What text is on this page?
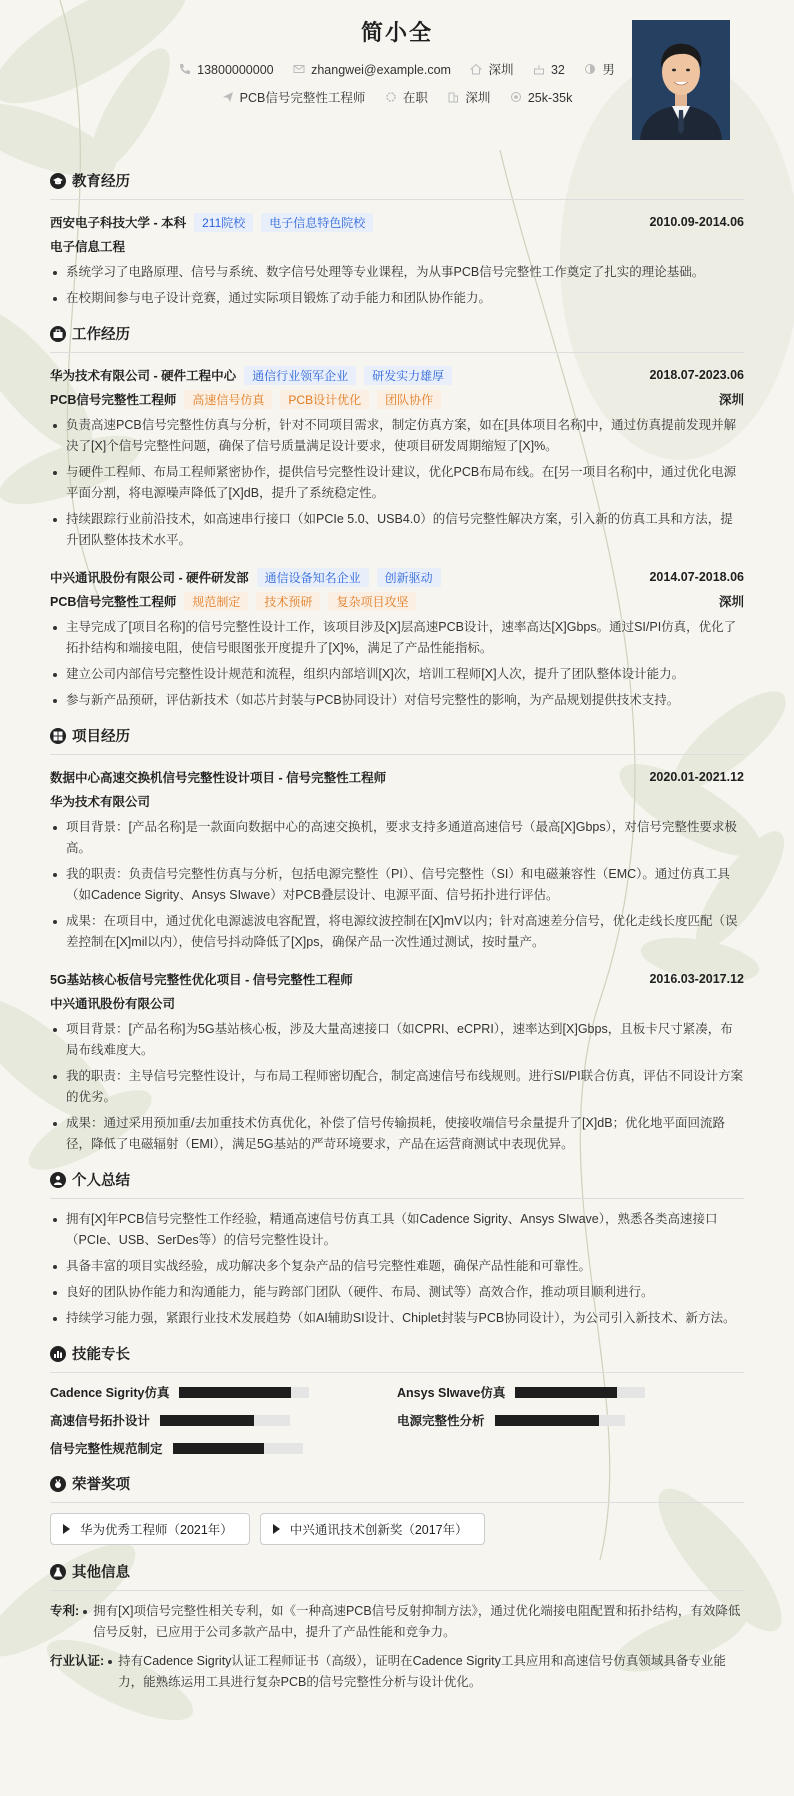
简小全
13800000000	zhangwei@example.com	深圳	32	男
PCB信号完整性工程师	在职	深圳	25k-35k
教育经历
西安电子科技大学 - 本科	211院校	电子信息特色院校	2010.09-2014.06
电子信息工程
系统学习了电路原理、信号与系统、数字信号处理等专业课程，为从事PCB信号完整性工作奠定了扎实的理论基础。
在校期间参与电子设计竞赛，通过实际项目锻炼了动手能力和团队协作能力。
工作经历
华为技术有限公司 - 硬件工程中心	通信行业领军企业	研发实力雄厚	2018.07-2023.06
PCB信号完整性工程师	高速信号仿真	PCB设计优化	团队协作	深圳
负责高速PCB信号完整性仿真与分析，针对不同项目需求，制定仿真方案，如在[具体项目名称]中，通过仿真提前发现并解决了[X]个信号完整性问题，确保了信号质量满足设计要求，使项目研发周期缩短了[X]%。
与硬件工程师、布局工程师紧密协作，提供信号完整性设计建议，优化PCB布局布线。在[另一项目名称]中，通过优化电源平面分割，将电源噪声降低了[X]dB，提升了系统稳定性。
持续跟踪行业前沿技术，如高速串行接口（如PCIe 5.0、USB4.0）的信号完整性解决方案，引入新的仿真工具和方法，提升团队整体技术水平。
中兴通讯股份有限公司 - 硬件研发部	通信设备知名企业	创新驱动	2014.07-2018.06
PCB信号完整性工程师	规范制定	技术预研	复杂项目攻坚	深圳
主导完成了[项目名称]的信号完整性设计工作，该项目涉及[X]层高速PCB设计，速率高达[X]Gbps。通过SI/PI仿真，优化了拓扑结构和端接电阻，使信号眼图张开度提升了[X]%，满足了产品性能指标。
建立公司内部信号完整性设计规范和流程，组织内部培训[X]次，培训工程师[X]人次，提升了团队整体设计能力。
参与新产品预研，评估新技术（如芯片封装与PCB协同设计）对信号完整性的影响，为产品规划提供技术支持。
项目经历
数据中心高速交换机信号完整性设计项目 - 信号完整性工程师	2020.01-2021.12
华为技术有限公司
项目背景：[产品名称]是一款面向数据中心的高速交换机，要求支持多通道高速信号（最高[X]Gbps），对信号完整性要求极高。
我的职责：负责信号完整性仿真与分析，包括电源完整性（PI）、信号完整性（SI）和电磁兼容性（EMC）。通过仿真工具（如Cadence Sigrity、Ansys SIwave）对PCB叠层设计、电源平面、信号拓扑进行评估。
成果：在项目中，通过优化电源滤波电容配置，将电源纹波控制在[X]mV以内；针对高速差分信号，优化走线长度匹配（误差控制在[X]mil以内），使信号抖动降低了[X]ps，确保产品一次性通过测试，按时量产。
5G基站核心板信号完整性优化项目 - 信号完整性工程师	2016.03-2017.12
中兴通讯股份有限公司
项目背景：[产品名称]为5G基站核心板，涉及大量高速接口（如CPRI、eCPRI），速率达到[X]Gbps，且板卡尺寸紧凑，布局布线难度大。
我的职责：主导信号完整性设计，与布局工程师密切配合，制定高速信号布线规则。进行SI/PI联合仿真，评估不同设计方案的优劣。
成果：通过采用预加重/去加重技术仿真优化，补偿了信号传输损耗，使接收端信号余量提升了[X]dB；优化地平面回流路径，降低了电磁辐射（EMI），满足5G基站的严苛环境要求，产品在运营商测试中表现优异。
个人总结
拥有[X]年PCB信号完整性工作经验，精通高速信号仿真工具（如Cadence Sigrity、Ansys SIwave），熟悉各类高速接口（PCIe、USB、SerDes等）的信号完整性设计。
具备丰富的项目实战经验，成功解决多个复杂产品的信号完整性难题，确保产品性能和可靠性。
良好的团队协作能力和沟通能力，能与跨部门团队（硬件、布局、测试等）高效合作，推动项目顺利进行。
持续学习能力强，紧跟行业技术发展趋势（如AI辅助SI设计、Chiplet封装与PCB协同设计），为公司引入新技术、新方法。
技能专长
Cadence Sigrity仿真	Ansys SIwave仿真
高速信号拓扑设计	电源完整性分析
信号完整性规范制定
荣誉奖项
华为优秀工程师（2021年）	中兴通讯技术创新奖（2017年）
其他信息
专利:	拥有[X]项信号完整性相关专利，如《一种高速PCB信号反射抑制方法》，通过优化端接电阻配置和拓扑结构，有效降低信号反射，已应用于公司多款产品中，提升了产品性能和竞争力。
行业认证:	持有Cadence Sigrity认证工程师证书（高级），证明在Cadence Sigrity工具应用和高速信号仿真领域具备专业能力，能熟练运用工具进行复杂PCB的信号完整性分析与设计优化。
